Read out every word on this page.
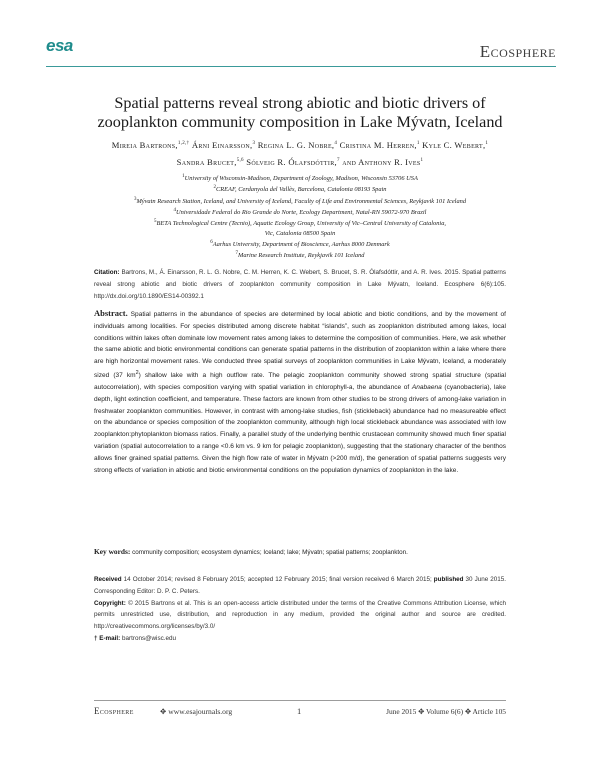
esa	Ecosphere
Spatial patterns reveal strong abiotic and biotic drivers of
zooplankton community composition in Lake Mývatn, Iceland
Mireia Bartrons,$^{1,2,\dagger}$ Árni Einarsson,$^3$ Regina L. G. Nobre,$^4$ Cristina M. Herren,$^1$ Kyle C. Webert,$^1$
Sandra Brucet,$^{5,6}$ Sólveig R. Ólafsdóttir,$^7$ and Anthony R. Ives$^1$
$^1$University of Wisconsin-Madison, Department of Zoology, Madison, Wisconsin 53706 USA
$^2$CREAF, Cerdanyola del Vallès, Barcelona, Catalonia 08193 Spain
$^3$Mývatn Research Station, Iceland, and University of Iceland, Faculty of Life and Environmental Sciences, Reykjavik 101 Iceland
$^4$Universidade Federal do Rio Grande do Norte, Ecology Department, Natal-RN 59072-970 Brazil
$^5$BETA Technological Centre (Tecnio), Aquatic Ecology Group, University of Vic–Central University of Catalonia,
Vic, Catalonia 08500 Spain
$^6$Aarhus University, Department of Bioscience, Aarhus 8000 Denmark
$^7$Marine Research Institute, Reykjavik 101 Iceland
Citation: Bartrons, M., Á. Einarsson, R. L. G. Nobre, C. M. Herren, K. C. Webert, S. Brucet, S. R. Ólafsdóttir, and A. R. Ives. 2015. Spatial patterns reveal strong abiotic and biotic drivers of zooplankton community composition in Lake Mývatn, Iceland. Ecosphere 6(6):105. http://dx.doi.org/10.1890/ES14-00392.1
Abstract. Spatial patterns in the abundance of species are determined by local abiotic and biotic conditions, and by the movement of individuals among localities. For species distributed among discrete habitat “islands”, such as zooplankton distributed among lakes, local conditions within lakes often dominate low movement rates among lakes to determine the composition of communities. Here, we ask whether the same abiotic and biotic environmental conditions can generate spatial patterns in the distribution of zooplankton within a lake where there are high horizontal movement rates. We conducted three spatial surveys of zooplankton communities in Lake Mývatn, Iceland, a moderately sized (37 $km^2$) shallow lake with a high outflow rate. The pelagic zooplankton community showed strong spatial structure (spatial autocorrelation), with species composition varying with spatial variation in chlorophyll-a, the abundance of Anabaena (cyanobacteria), lake depth, light extinction coefficient, and temperature. These factors are known from other studies to be strong drivers of among-lake variation in freshwater zooplankton communities. However, in contrast with among-lake studies, fish (stickleback) abundance had no measureable effect on the abundance or species composition of the zooplankton community, although high local stickleback abundance was associated with low zooplankton:phytoplankton biomass ratios. Finally, a parallel study of the underlying benthic crustacean community showed much finer spatial variation (spatial autocorrelation to a range <0.6 km vs. 9 km for pelagic zooplankton), suggesting that the stationary character of the benthos allows finer grained spatial patterns. Given the high flow rate of water in Mývatn (>200 m/d), the generation of spatial patterns suggests very strong effects of variation in abiotic and biotic environmental conditions on the population dynamics of zooplankton in the lake.
Key words: community composition; ecosystem dynamics; Iceland; lake; Mývatn; spatial patterns; zooplankton.
Received 14 October 2014; revised 8 February 2015; accepted 12 February 2015; final version received 6 March 2015; published 30 June 2015. Corresponding Editor: D. P. C. Peters.
Copyright: © 2015 Bartrons et al. This is an open-access article distributed under the terms of the Creative Commons Attribution License, which permits unrestricted use, distribution, and reproduction in any medium, provided the original author and source are credited. http://creativecommons.org/licenses/by/3.0/
† E-mail: bartrons@wisc.edu
Ecosphere	✥ www.esajournals.org	1	June 2015 ✥ Volume 6(6) ✥ Article 105
